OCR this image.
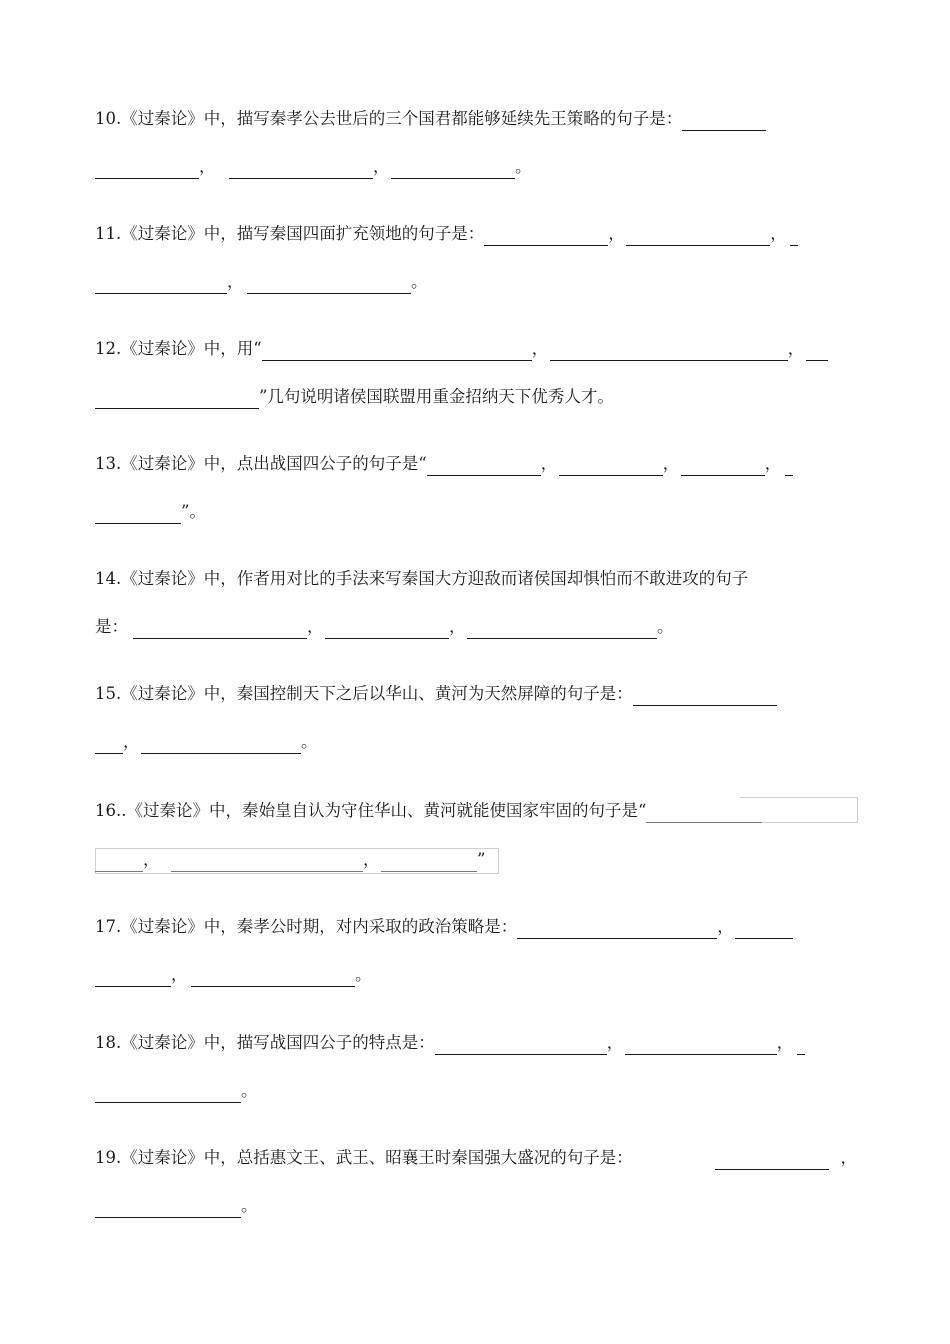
10. 《过秦论》中，描写秦孝公去世后的三个国君都能够延续先王策略的句子是：
，	，	。
11. 《过秦论》中，描写秦国四面扩充领地的句子是：	，	，
，	。
12. 《过秦论》中，用“	，	，
”几句说明诸侯国联盟用重金招纳天下优秀人才。
13. 《过秦论》中，点出战国四公子的句子是“	，	，	，
”。
14. 《过秦论》中，作者用对比的手法来写秦国大方迎敌而诸侯国却惧怕而不敢进攻的句子
是：	，	，	。
15. 《过秦论》中，秦国控制天下之后以华山、黄河为天然屏障的句子是：
，	。
16. .《过秦论》中，秦始皇自认为守住华山、黄河就能使国家牢固的句子是“
，	，	”
17. 《过秦论》中，秦孝公时期，对内采取的政治策略是：	，
，	。
18. 《过秦论》中，描写战国四公子的特点是：	，	，
。
19. 《过秦论》中，总括惠文王、武王、昭襄王时秦国强大盛况的句子是：	，
。
